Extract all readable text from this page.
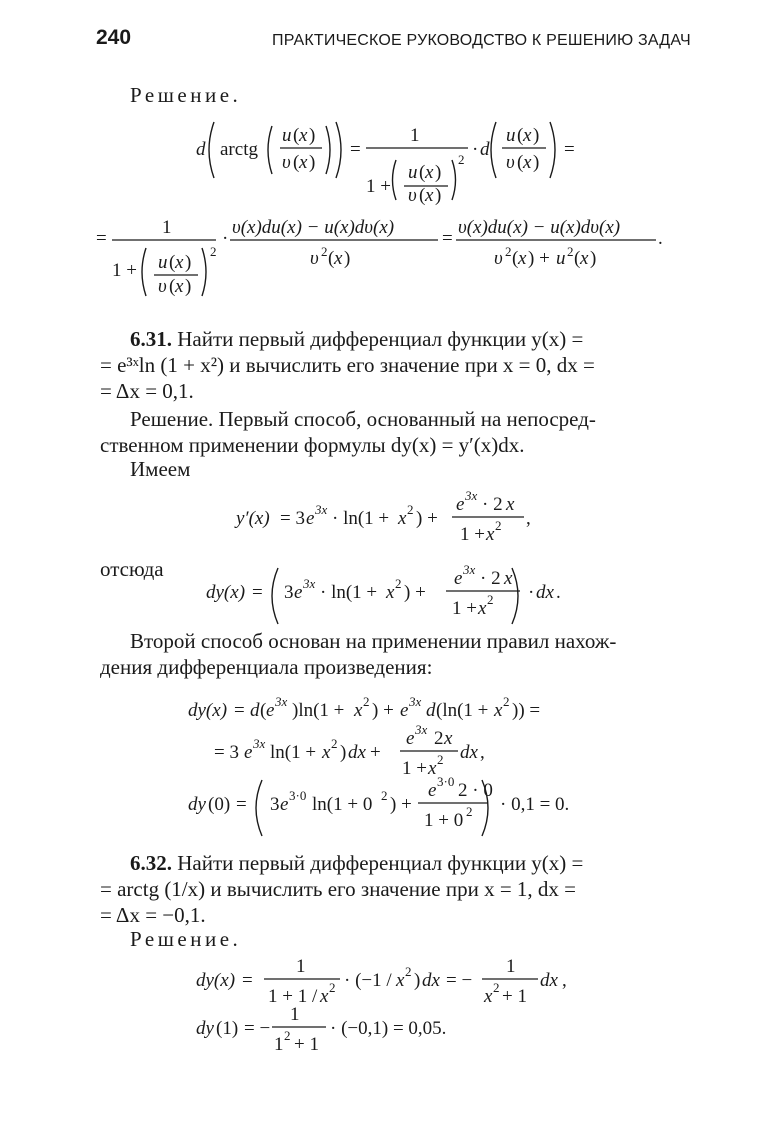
240	ПРАКТИЧЕСКОЕ РУКОВОДСТВО К РЕШЕНИЮ ЗАДАЧ
Решение.
d arctg
u ( x )
υ ( x )
=
1
1 +
u ( x )
υ ( x )
2 · d
u ( x )
υ ( x )
=
=
1
1 + u ( x )
υ ( x )
2
·
υ(x)du(x) − u(x)dυ(x)
υ 2 ( x )
=
υ(x)du(x) − u(x)dυ(x)
υ 2 ( x ) + u 2 ( x )
.
y′(x) = 3 e 3x · ln(1 + x 2 ) +
e 3x · 2 x
1 + x 2 ,
dy(x) = 3 e 3x · ln(1 + x 2 ) +
e 3x · 2 x
1 + x 2 · dx .
dy(x) = d ( e 3x )ln(1 + x 2 ) + e 3x d (ln(1 + x 2 )) =
= 3 e 3x ln(1 + x 2 ) dx +
e 3x 2 x
1 + x 2 dx ,
dy (0) = 3 e 3·0 ln(1 + 0 2 ) +
e 3·0 2 · 0
1 + 0 2 · 0,1 = 0.
dy(x) =
1
1 + 1 / x 2 · (−1 / x 2 ) dx = −
1
x 2 + 1
dx ,
dy (1) = −
1
1 2 + 1
· (−0,1) = 0,05.
6.31. Найти первый дифференциал функции y(x) =
= e³ˣln (1 + x²) и вычислить его значение при x = 0, dx =
= Δx = 0,1.
Решение. Первый способ, основанный на непосред-
ственном применении формулы dy(x) = y′(x)dx.
Имеем
отсюда
Второй способ основан на применении правил нахож-
дения дифференциала произведения:
6.32. Найти первый дифференциал функции y(x) =
= arctg (1/x) и вычислить его значение при x = 1, dx =
= Δx = −0,1.
Решение.
